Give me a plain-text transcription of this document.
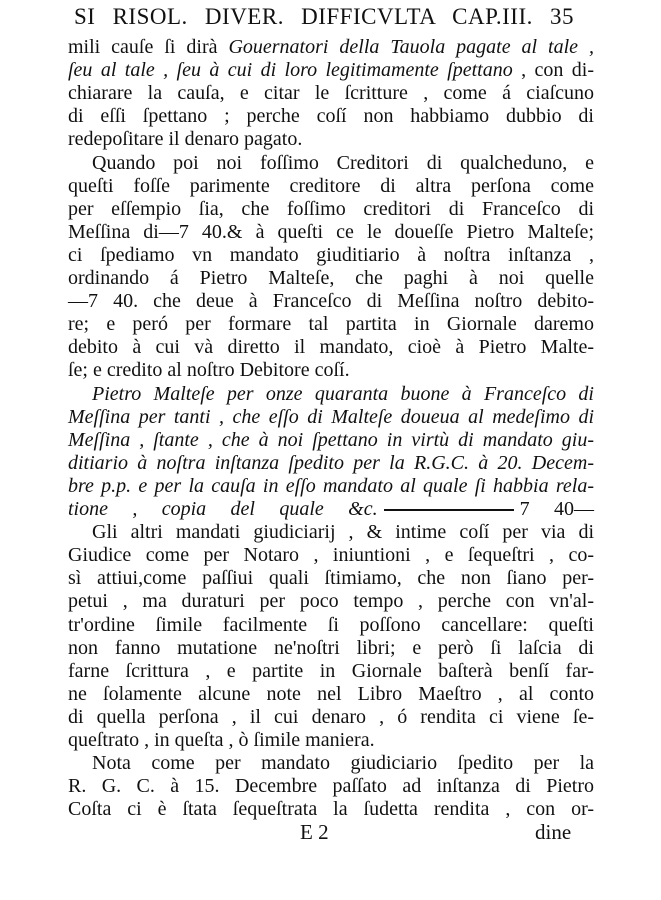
SI RISOL. DIVER. DIFFICVLTA CAP.III. 35
mili cauſe ſi dirà Gouernatori della Tauola pagate al tale ,
ſeu al tale , ſeu à cui di loro legitimamente ſpettano , con di-
chiarare la cauſa, e citar le ſcritture , come á ciaſcuno
di eſſi ſpettano ; perche coſí non habbiamo dubbio di
redepoſitare il denaro pagato.
Quando poi noi foſſimo Creditori di qualcheduno, e
queſti foſſe parimente creditore di altra perſona come
per eſſempio ſia, che foſſimo creditori di Franceſco di
Meſſina di—7 40.& à queſti ce le doueſſe Pietro Malteſe;
ci ſpediamo vn mandato giuditiario à noſtra inſtanza ,
ordinando á Pietro Malteſe, che paghi à noi quelle
—7 40. che deue à Franceſco di Meſſina noſtro debito-
re; e peró per formare tal partita in Giornale daremo
debito à cui và diretto il mandato, cioè à Pietro Malte-
ſe; e credito al noſtro Debitore coſí.
Pietro Malteſe per onze quaranta buone à Franceſco di
Meſſina per tanti , che eſſo di Malteſe doueua al medeſimo di
Meſſina , ſtante , che à noi ſpettano in virtù di mandato giu-
ditiario à noſtra inſtanza ſpedito per la R.G.C. à 20. Decem-
bre p.p. e per la cauſa in eſſo mandato al quale ſi habbia rela-
tione , copia del quale &c.	7 40—
Gli altri mandati giudiciarij , & intime coſí per via di
Giudice come per Notaro , iniuntioni , e ſequeſtri , co-
sì attiui,come paſſiui quali ſtimiamo, che non ſiano per-
petui , ma duraturi per poco tempo , perche con vn'al-
tr'ordine ſimile facilmente ſi poſſono cancellare: queſti
non fanno mutatione ne'noſtri libri; e però ſi laſcia di
farne ſcrittura , e partite in Giornale baſterà benſí far-
ne ſolamente alcune note nel Libro Maeſtro , al conto
di quella perſona , il cui denaro , ó rendita ci viene ſe-
queſtrato , in queſta , ò ſimile maniera.
Nota come per mandato giudiciario ſpedito per la
R. G. C. à 15. Decembre paſſato ad inſtanza di Pietro
Coſta ci è ſtata ſequeſtrata la ſudetta rendita , con or-
E 2	dine
